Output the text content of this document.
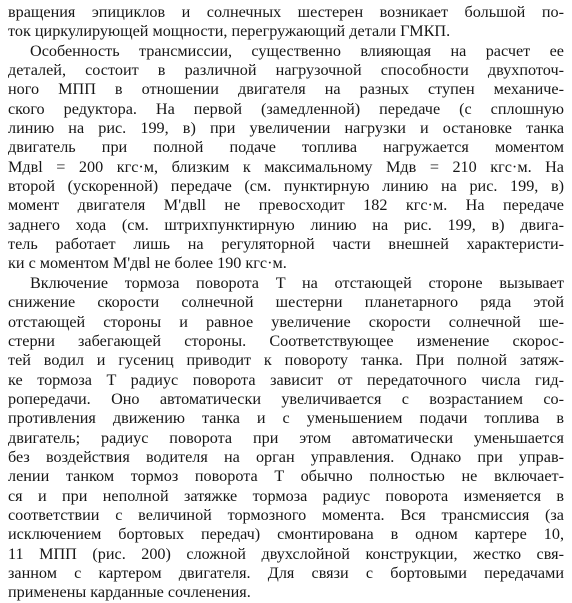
вращения эпициклов и солнечных шестерен возникает большой по-
ток циркулирующей мощности, перегружающий детали ГМКП.

Особенность трансмиссии, существенно влияющая на расчет ее
деталей, состоит в различной нагрузочной способности двухпоточ-
ного МПП в отношении двигателя на разных ступен механиче-
ского редуктора. На первой (замедленной) передаче (с сплошную
линию на рис. 199, в) при увеличении нагрузки и остановке танка
двигатель при полной подаче топлива нагружается моментом
Mдвl = 200 кгс·м, близким к максимальному Mдв = 210 кгс·м. На
второй (ускоренной) передаче (см. пунктирную линию на рис. 199, в)
момент двигателя M'двll не превосходит 182 кгс·м. На передаче
заднего хода (см. штрихпунктирную линию на рис. 199, в) двига-
тель работает лишь на регуляторной части внешней характеристи-
ки с моментом M'двl не более 190 кгс·м.

Включение тормоза поворота T на отстающей стороне вызывает
снижение скорости солнечной шестерни планетарного ряда этой
отстающей стороны и равное увеличение скорости солнечной ше-
стерни забегающей стороны. Соответствующее изменение скорос-
тей водил и гусениц приводит к повороту танка. При полной затяж-
ке тормоза T радиус поворота зависит от передаточного числа гид-
ропередачи. Оно автоматически увеличивается с возрастанием со-
противления движению танка и с уменьшением подачи топлива в
двигатель; радиус поворота при этом автоматически уменьшается
без воздействия водителя на орган управления. Однако при управ-
лении танком тормоз поворота T обычно полностью не включает-
ся и при неполной затяжке тормоза радиус поворота изменяется в
соответствии с величиной тормозного момента. Вся трансмиссия (за
исключением бортовых передач) смонтирована в одном картере 10,
11 МПП (рис. 200) сложной двухслойной конструкции, жестко свя-
занном с картером двигателя. Для связи с бортовыми передачами
применены карданные сочленения.
